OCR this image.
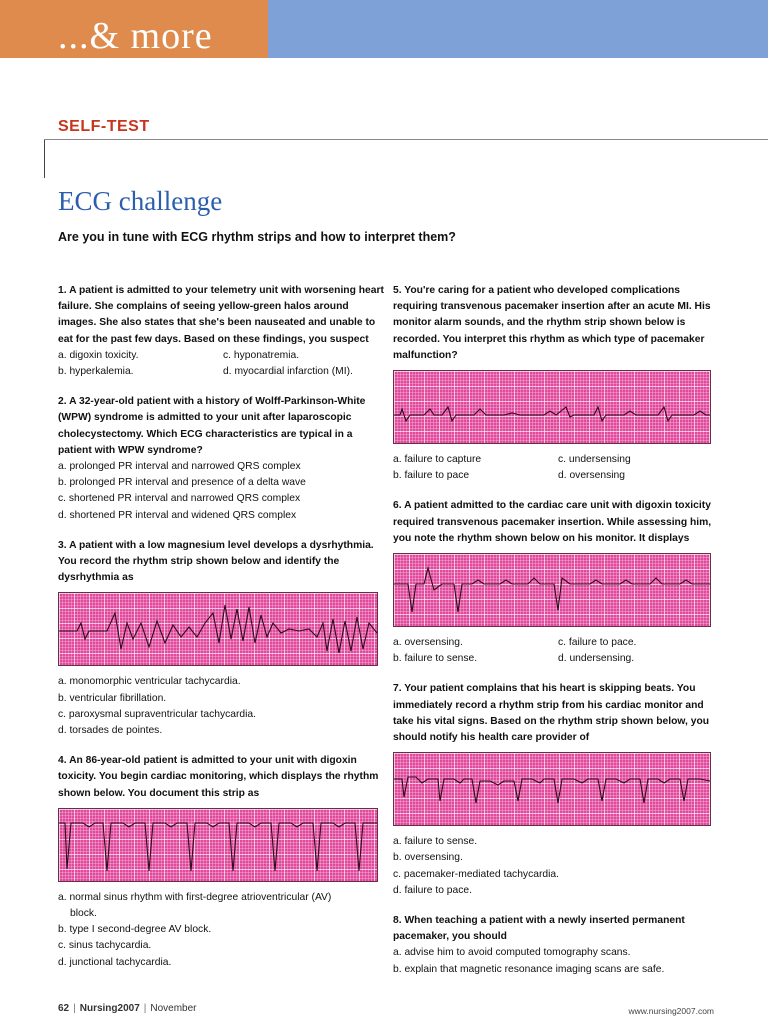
...& more
SELF-TEST
ECG challenge
Are you in tune with ECG rhythm strips and how to interpret them?
1. A patient is admitted to your telemetry unit with worsening heart failure. She complains of seeing yellow-green halos around images. She also states that she's been nauseated and unable to eat for the past few days. Based on these findings, you suspect
a. digoxin toxicity.	c. hyponatremia.
b. hyperkalemia.	d. myocardial infarction (MI).
2. A 32-year-old patient with a history of Wolff-Parkinson-White (WPW) syndrome is admitted to your unit after laparoscopic cholecystectomy. Which ECG characteristics are typical in a patient with WPW syndrome?
a. prolonged PR interval and narrowed QRS complex
b. prolonged PR interval and presence of a delta wave
c. shortened PR interval and narrowed QRS complex
d. shortened PR interval and widened QRS complex
3. A patient with a low magnesium level develops a dysrhythmia. You record the rhythm strip shown below and identify the dysrhythmia as
a. monomorphic ventricular tachycardia.
b. ventricular fibrillation.
c. paroxysmal supraventricular tachycardia.
d. torsades de pointes.
4. An 86-year-old patient is admitted to your unit with digoxin toxicity. You begin cardiac monitoring, which displays the rhythm shown below. You document this strip as
a. normal sinus rhythm with first-degree atrioventricular (AV)
block.
b. type I second-degree AV block.
c. sinus tachycardia.
d. junctional tachycardia.
5. You're caring for a patient who developed complications requiring transvenous pacemaker insertion after an acute MI. His monitor alarm sounds, and the rhythm strip shown below is recorded. You interpret this rhythm as which type of pacemaker malfunction?
a. failure to capture	c. undersensing
b. failure to pace	d. oversensing
6. A patient admitted to the cardiac care unit with digoxin toxicity required transvenous pacemaker insertion. While assessing him, you note the rhythm shown below on his monitor. It displays
a. oversensing.	c. failure to pace.
b. failure to sense.	d. undersensing.
7. Your patient complains that his heart is skipping beats. You immediately record a rhythm strip from his cardiac monitor and take his vital signs. Based on the rhythm strip shown below, you should notify his health care provider of
a. failure to sense.
b. oversensing.
c. pacemaker-mediated tachycardia.
d. failure to pace.
8. When teaching a patient with a newly inserted permanent pacemaker, you should
a. advise him to avoid computed tomography scans.
b. explain that magnetic resonance imaging scans are safe.
62 | Nursing2007 | November	www.nursing2007.com
